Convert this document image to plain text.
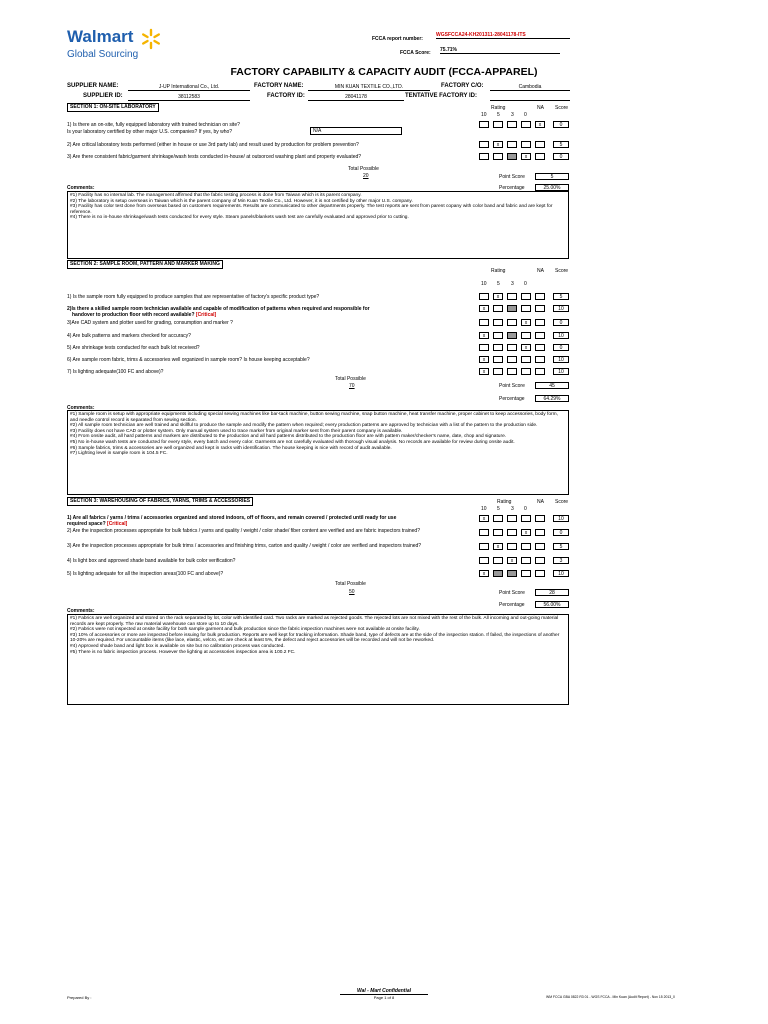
Walmart
Global Sourcing
FCCA report number:
WGSFCCA24-KH201311-28041178-ITS
FCCA Score: 75.71%
FACTORY CAPABILITY & CAPACITY AUDIT (FCCA-APPAREL)
SUPPLIER NAME:	J-UP International Co., Ltd.	FACTORY NAME:	MIN KUAN TEXTILE CO.,LTD.	FACTORY C/O:	Cambodia
SUPPLIER ID:	38112583	FACTORY ID:	28041178	TENTATIVE FACTORY ID:
SECTION 1: ON-SITE LABORATORY	Rating	NA Score
10 5 3 0
1) Is there an on-site, fully equipped laboratory with trained technician on site?
Is your laboratory certified by other major U.S. companies? If yes, by who?	N/A
x	0
2) Are critical laboratory tests performed (either in house or use 3rd party lab) and result used by production for problem prevention?	x	5
3) Are there consistent fabric/garment shrinkage/wash tests conducted in-house/ at outsorced washing plant and property evaluated?	x	0
Total Possible
20	Point Score	5
Percentage	25.00%
Comments:
#1) Facility has no internal lab. The management affirmed that the fabric testing process is done from Taiwan which is its parent company.
#2) The laboratory is setup overseas in Taiwan which is the parent company of Min Kuan Textile Co., Ltd. However, it is not certified by other major U.S. company.
#3) Facility has color test done from overseas based on customers requirements. Results are communicated to other departments properly. The test reports are sent from parent copany with color band and fabric and are kept for reference.
#4) There is no in-house shrinkage/wash tests conducted for every style. Steam panels/blankets wash test are carefully evaluated and approved prior to cutting.
SECTION 2: SAMPLE ROOM, PATTERN AND MARKER MAKING
Rating	NA Score
10 5 3 0
1) Is the sample room fully equipped to produce samples that are representative of factory's specific product type?	x	5
2)Is there a skilled sample room technician available and capable of modification of patterns when required and responsible for
handover to production floor with record available? [Critical]
x	10
3)Are CAD system and plotter used for grading, consumption and marker ?	x	0
4) Are bulk patterns and markers checked for accuracy?	x	10
5) Are shrinkage tests conducted for each bulk lot received?	x	0
6) Are sample room fabric, trims & accessories well organized in sample room? Is house keeping acceptable?	x	10
7) Is lighting adequate(100 FC and above)?	x	10
Total Possible
70	Point Score	45
Percentage	64.29%
Comments:
#1) Sample room is setup with appropriate equipments including special sewing machines like bar-tack machine, button sewing machine, snap button machine, heat transfer machine, proper cabinet to keep accessories, body form, and needle control record is separated from sewing section.
#2) All sample room technician are well trained and skillful to produce the sample and modify the pattern when required; every production patterns are approved by technician with a list of the pattern to the production side.
#3) Facility does not have CAD or plotter system. Only manual system used to trace marker from original marker sent from their parent company is available.
#4) From onsite audit, all hard patterns and markers are distributed to the production and all hard patterns distributed to the production floor are with pattern maker/checker's name, date, chop and signature.
#5) No in-house wash tests are conducted for every style, every batch and every color. Garments are not carefully evaluated with thorough visual analysis. No records are available for review during onsite audit.
#6) Sample fabrics, trims & accessories are well organized and kept in racks with identification. The house keeping is nice with record of audit available.
#7) Lighting level in sample room is 104.5 FC.
SECTION 3: WAREHOUSING OF FABRICS, YARNS, TRIMS & ACCESSORIES	Rating	NA Score
10 5 3 0
1) Are all fabrics / yarns / trims / accessories organized and stored indoors, off of floors, and remain covered / protected until ready for use
required space? [Critical]
x	10
2) Are the inspection processes appropriate for bulk fabrics / yarns and quality / weight / color shade/ fiber content are verified and are fabric inspectors trained?	x	0
3) Are the inspection processes appropriate for bulk trims / accessories and finishing trims, carton and quality / weight / color are verified and inspectors trained?	x	5
4) Is light box and approved shade band available for bulk color verification?	x	3
5) Is lighting adequate for all the inspection areas(100 FC and above)?	x	10
Total Possible
50	Point Score	28
Percentage	56.00%
Comments:
#1) Fabrics are well organized and stored on the rack separated by lot, color with identified card. Two racks are marked as rejected goods. The rejected lots are not mixed with the rest of the bulk. All incoming and out-going material records are kept properly. The raw material warehouse can store up to 10 days.
#2) Fabrics were not inspected at onsite facility for both sample garment and bulk production since the fabric inspection machines were not available at onsite facility.
#3) 10% of accessories or more are inspected before issuing for bulk production. Reports are well kept for tracking information. Shade band, type of defects are at the side of the inspection station. If failed, the inspections of another 10-20% are required. For uncountable items (like lace, elastic, velcro, etc are check at least 5%, the defect and reject accessories will be recorded and will not be reworked.
#4) Approved shade band and light box is available on site but no calibration process was conducted.
#5) There is no fabric inspection process. However the lighting at accessories inspection area is 100.2 FC.
Wal - Mart Confidential
Page 1 of 8
Prepared By :	WM FCCA GBA 0822 R3 01 - WGS FCCA - Min Kuan (Audit Report) - Nov 15 2013_0
